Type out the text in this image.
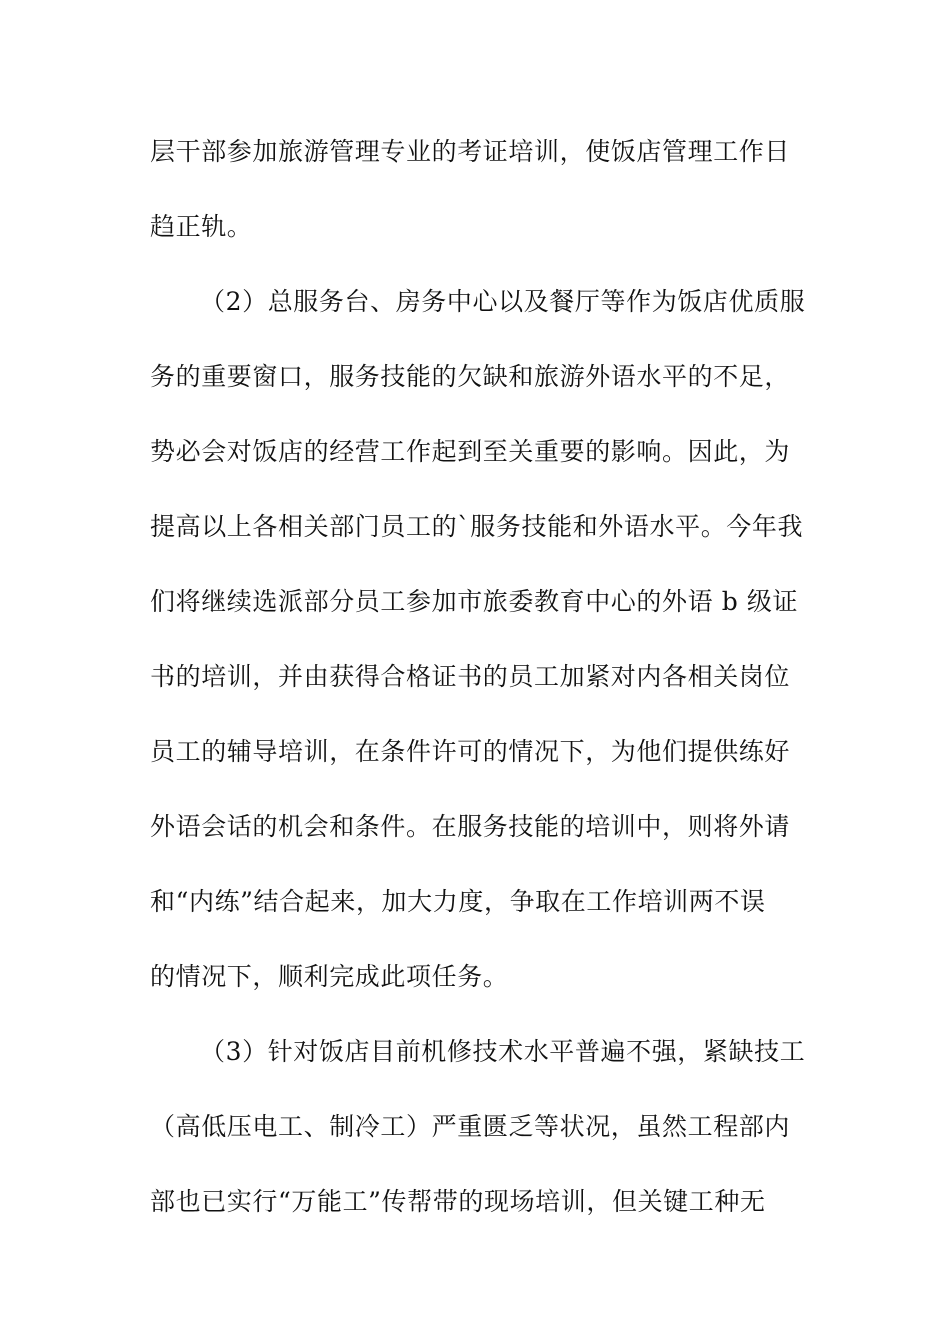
层干部参加旅游管理专业的考证培训，使饭店管理工作日
趋正轨。
（2）总服务台、房务中心以及餐厅等作为饭店优质服
务的重要窗口，服务技能的欠缺和旅游外语水平的不足，
势必会对饭店的经营工作起到至关重要的影响。因此，为
提高以上各相关部门员工的`服务技能和外语水平。今年我
们将继续选派部分员工参加市旅委教育中心的外语 b 级证
书的培训，并由获得合格证书的员工加紧对内各相关岗位
员工的辅导培训，在条件许可的情况下，为他们提供练好
外语会话的机会和条件。在服务技能的培训中，则将外请
和“内练”结合起来，加大力度，争取在工作培训两不误
的情况下，顺利完成此项任务。
（3）针对饭店目前机修技术水平普遍不强，紧缺技工
（高低压电工、制冷工）严重匮乏等状况，虽然工程部内
部也已实行“万能工”传帮带的现场培训，但关键工种无
